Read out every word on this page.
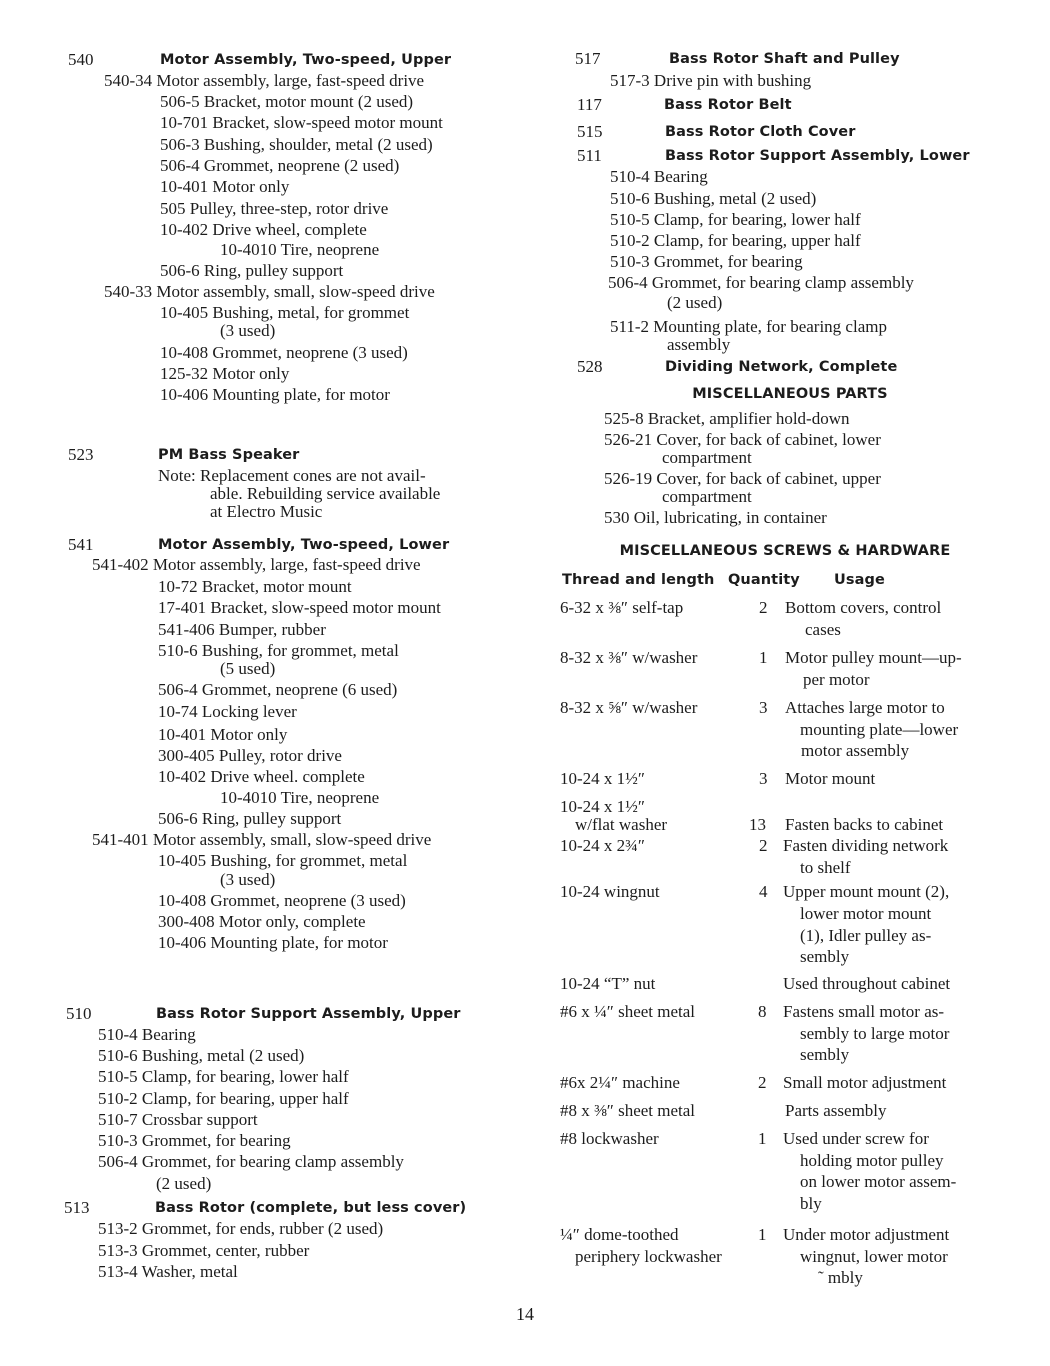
540	Motor Assembly, Two-speed, Upper
540-34 Motor assembly, large, fast-speed drive
506-5 Bracket, motor mount (2 used)
10-701 Bracket, slow-speed motor mount
506-3 Bushing, shoulder, metal (2 used)
506-4 Grommet, neoprene (2 used)
10-401 Motor only
505 Pulley, three-step, rotor drive
10-402 Drive wheel, complete
10-4010 Tire, neoprene
506-6 Ring, pulley support
540-33 Motor assembly, small, slow-speed drive
10-405 Bushing, metal, for grommet
(3 used)
10-408 Grommet, neoprene (3 used)
125-32 Motor only
10-406 Mounting plate, for motor
523	PM Bass Speaker
Note: Replacement cones are not avail-
able. Rebuilding service available
at Electro Music
541	Motor Assembly, Two-speed, Lower
541-402 Motor assembly, large, fast-speed drive
10-72 Bracket, motor mount
17-401 Bracket, slow-speed motor mount
541-406 Bumper, rubber
510-6 Bushing, for grommet, metal
(5 used)
506-4 Grommet, neoprene (6 used)
10-74 Locking lever
10-401 Motor only
300-405 Pulley, rotor drive
10-402 Drive wheel. complete
10-4010 Tire, neoprene
506-6 Ring, pulley support
541-401 Motor assembly, small, slow-speed drive
10-405 Bushing, for grommet, metal
(3 used)
10-408 Grommet, neoprene (3 used)
300-408 Motor only, complete
10-406 Mounting plate, for motor
510	Bass Rotor Support Assembly, Upper
510-4 Bearing
510-6 Bushing, metal (2 used)
510-5 Clamp, for bearing, lower half
510-2 Clamp, for bearing, upper half
510-7 Crossbar support
510-3 Grommet, for bearing
506-4 Grommet, for bearing clamp assembly
(2 used)
513	Bass Rotor (complete, but less cover)
513-2 Grommet, for ends, rubber (2 used)
513-3 Grommet, center, rubber
513-4 Washer, metal
517	Bass Rotor Shaft and Pulley
517-3 Drive pin with bushing
117	Bass Rotor Belt
515	Bass Rotor Cloth Cover
511	Bass Rotor Support Assembly, Lower
510-4 Bearing
510-6 Bushing, metal (2 used)
510-5 Clamp, for bearing, lower half
510-2 Clamp, for bearing, upper half
510-3 Grommet, for bearing
506-4 Grommet, for bearing clamp assembly
(2 used)
511-2 Mounting plate, for bearing clamp
assembly
528	Dividing Network, Complete
MISCELLANEOUS PARTS
525-8 Bracket, amplifier hold-down
526-21 Cover, for back of cabinet, lower
compartment
526-19 Cover, for back of cabinet, upper
compartment
530 Oil, lubricating, in container
MISCELLANEOUS SCREWS & HARDWARE
Thread and length Quantity Usage
6-32 x ⅜″ self-tap	2 Bottom covers, control
cases
8-32 x ⅜″ w/washer	1 Motor pulley mount—up-
per motor
8-32 x ⅝″ w/washer	3 Attaches large motor to
mounting plate—lower
motor assembly
10-24 x 1½″	3 Motor mount
10-24 x 1½″
w/flat washer	13 Fasten backs to cabinet
10-24 x 2¾″	2 Fasten dividing network
to shelf
10-24 wingnut	4 Upper mount mount (2),
lower motor mount
(1), Idler pulley as-
sembly
10-24 “T” nut	Used throughout cabinet
#6 x ¼″ sheet metal	8 Fastens small motor as-
sembly to large motor
sembly
#6x 2¼″ machine	2 Small motor adjustment
#8 x ⅜″ sheet metal	Parts assembly
#8 lockwasher	1 Used under screw for
holding motor pulley
on lower motor assem-
bly
¼″ dome-toothed	1 Under motor adjustment
periphery lockwasher	wingnut, lower motor
˜ mbly
14
